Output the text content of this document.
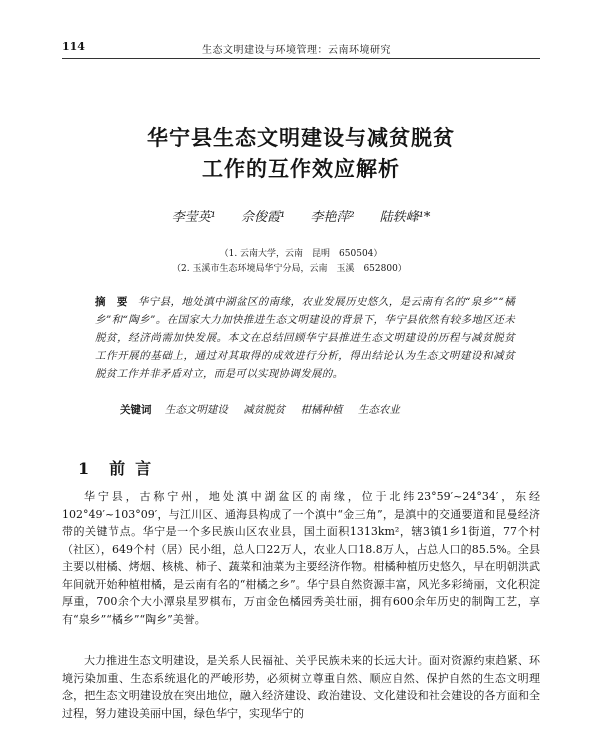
114	生态文明建设与环境管理：云南环境研究
华宁县生态文明建设与减贫脱贫
工作的互作效应解析
李莹英¹ 佘俊霞¹ 李艳萍² 陆轶峰¹*
（1. 云南大学，云南　昆明　650504）
（2. 玉溪市生态环境局华宁分局，云南　玉溪　652800）
摘　要 华宁县，地处滇中湖盆区的南缘，农业发展历史悠久，是云南有名的“泉乡”“橘乡”和“陶乡”。在国家大力加快推进生态文明建设的背景下，华宁县依然有较多地区还未脱贫，经济尚需加快发展。本文在总结回顾华宁县推进生态文明建设的历程与减贫脱贫工作开展的基础上，通过对其取得的成效进行分析，得出结论认为生态文明建设和减贫脱贫工作并非矛盾对立，而是可以实现协调发展的。
关键词 生态文明建设 减贫脱贫 柑橘种植 生态农业
1 前言

华宁县，古称宁州，地处滇中湖盆区的南缘，位于北纬23°59′~24°34′，东经102°49′~103°09′，与江川区、通海县构成了一个滇中“金三角”，是滇中的交通要道和昆曼经济带的关键节点。华宁是一个多民族山区农业县，国土面积1313km²，辖3镇1乡1街道，77个村（社区），649个村（居）民小组，总人口22万人，农业人口18.8万人，占总人口的85.5%。全县主要以柑橘、烤烟、核桃、柿子、蔬菜和油菜为主要经济作物。柑橘种植历史悠久，早在明朝洪武年间就开始种植柑橘，是云南有名的“柑橘之乡”。华宁县自然资源丰富，风光多彩绮丽，文化积淀厚重，700余个大小潭泉星罗棋布，万亩金色橘园秀美壮丽，拥有600余年历史的制陶工艺，享有“泉乡”“橘乡”“陶乡”美誉。

大力推进生态文明建设，是关系人民福祉、关乎民族未来的长远大计。面对资源约束趋紧、环境污染加重、生态系统退化的严峻形势，必须树立尊重自然、顺应自然、保护自然的生态文明理念，把生态文明建设放在突出地位，融入经济建设、政治建设、文化建设和社会建设的各方面和全过程，努力建设美丽中国，绿色华宁，实现华宁的
